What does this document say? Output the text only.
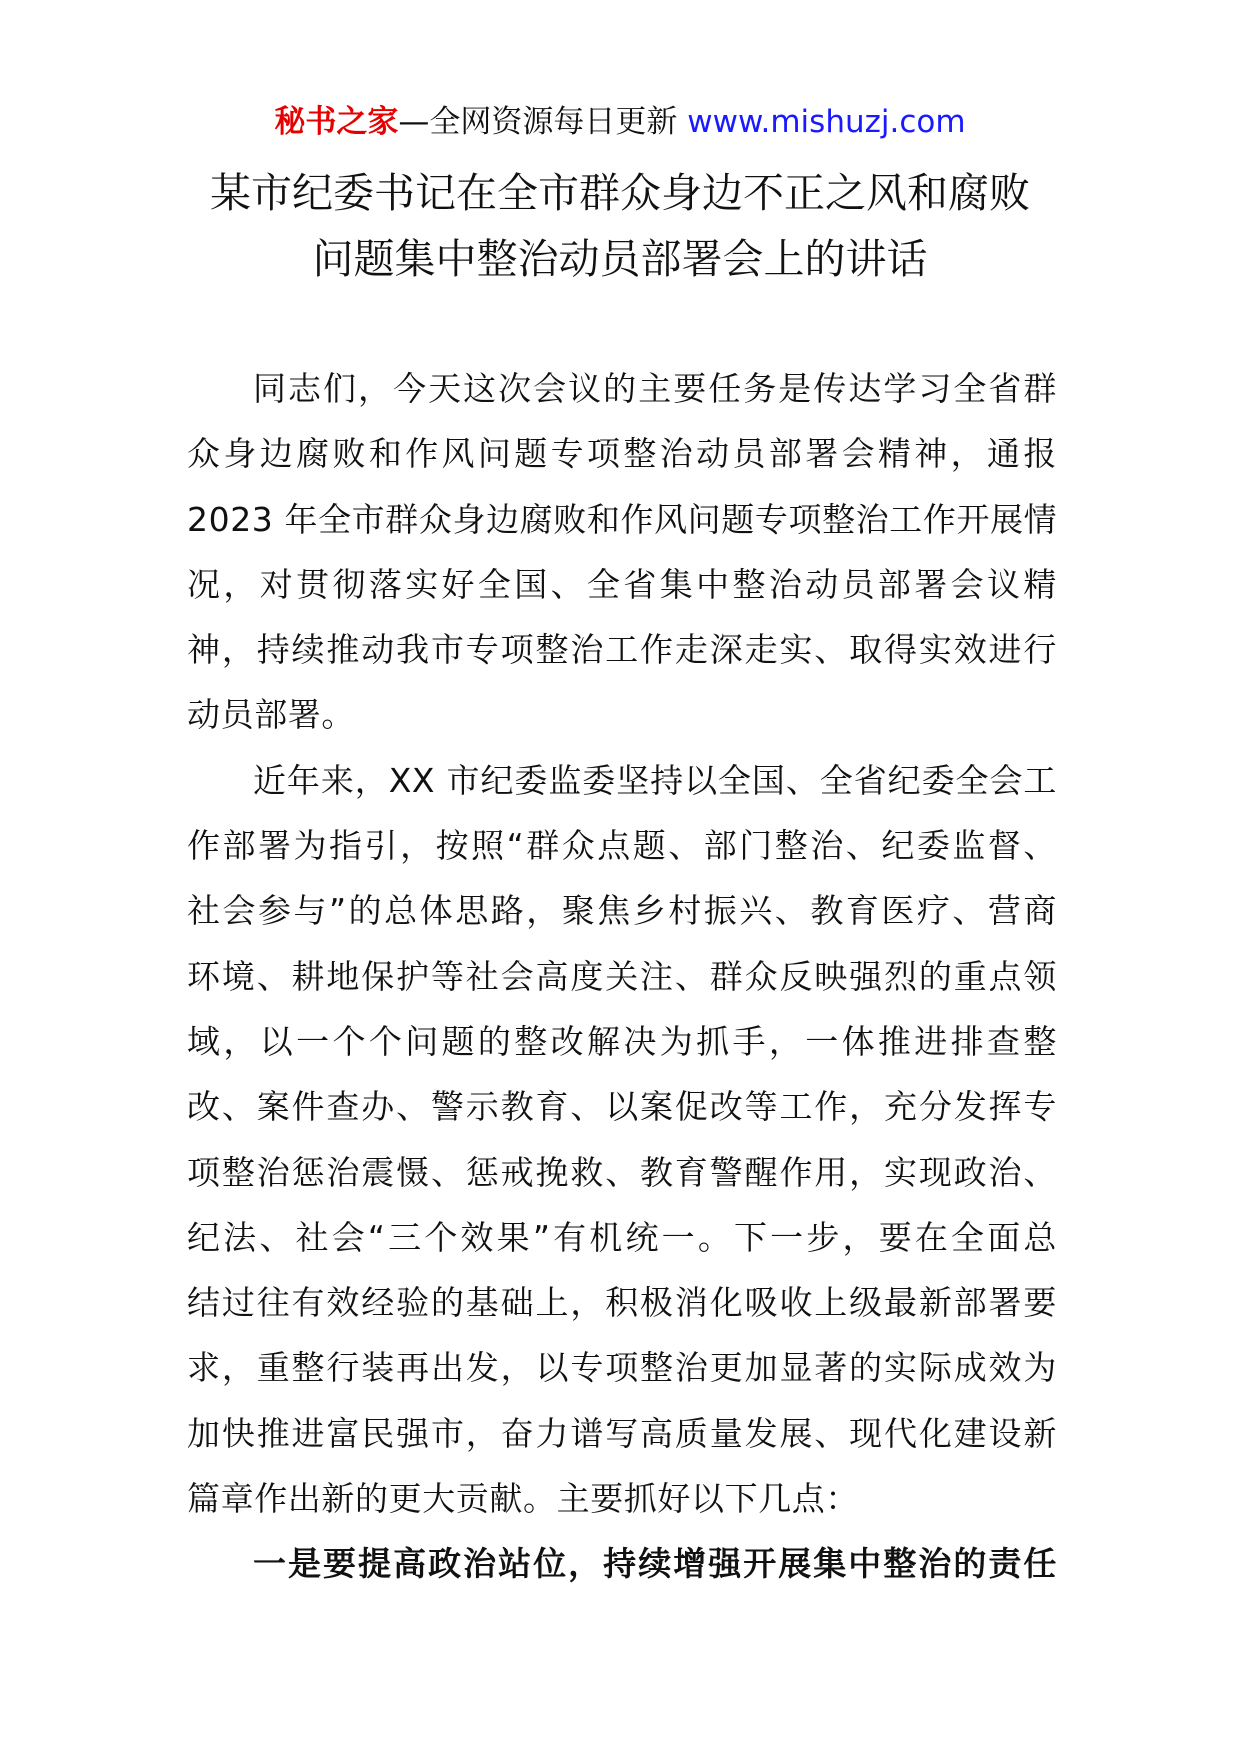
秘书之家—全网资源每日更新 www.mishuzj.com
某市纪委书记在全市群众身边不正之风和腐败
问题集中整治动员部署会上的讲话
同志们，今天这次会议的主要任务是传达学习全省群
众身边腐败和作风问题专项整治动员部署会精神，通报
2023 年全市群众身边腐败和作风问题专项整治工作开展情
况，对贯彻落实好全国、全省集中整治动员部署会议精
神，持续推动我市专项整治工作走深走实、取得实效进行
动员部署。
近年来，XX 市纪委监委坚持以全国、全省纪委全会工
作部署为指引，按照“群众点题、部门整治、纪委监督、
社会参与”的总体思路，聚焦乡村振兴、教育医疗、营商
环境、耕地保护等社会高度关注、群众反映强烈的重点领
域，以一个个问题的整改解决为抓手，一体推进排查整
改、案件查办、警示教育、以案促改等工作，充分发挥专
项整治惩治震慑、惩戒挽救、教育警醒作用，实现政治、
纪法、社会“三个效果”有机统一。下一步，要在全面总
结过往有效经验的基础上，积极消化吸收上级最新部署要
求，重整行装再出发，以专项整治更加显著的实际成效为
加快推进富民强市，奋力谱写高质量发展、现代化建设新
篇章作出新的更大贡献。主要抓好以下几点：
一是要提高政治站位，持续增强开展集中整治的责任
